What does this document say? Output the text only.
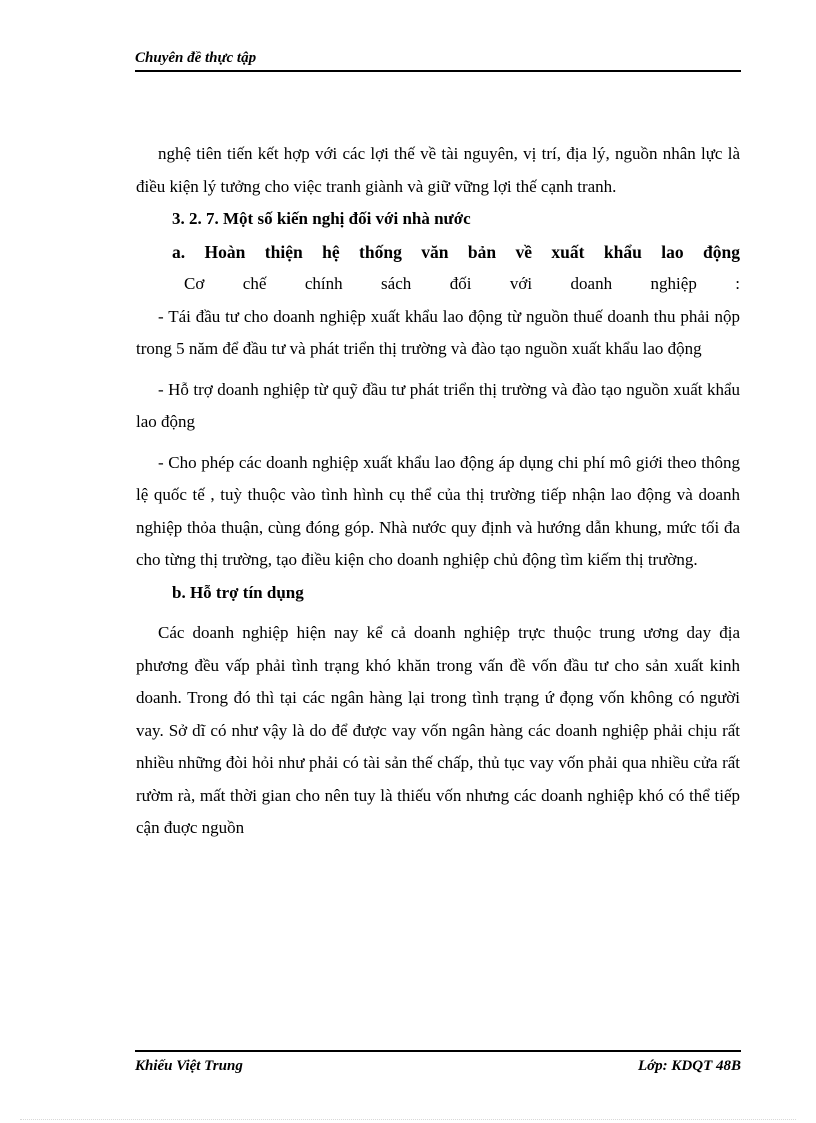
Chuyên đề thực tập

nghệ tiên tiến kết hợp với các lợi thế về tài nguyên, vị trí, địa lý, nguồn nhân lực là điều kiện lý tưởng cho việc tranh giành và giữ vững lợi thế cạnh tranh.

3. 2. 7. Một số kiến nghị đối với nhà nước

a. Hoàn thiện hệ thống văn bản về xuất khẩu lao động

Cơ chế chính sách đối với doanh nghiệp :

- Tái đầu tư cho doanh nghiệp xuất khẩu lao động từ nguồn thuế doanh thu phải nộp trong 5 năm để đầu tư và phát triển thị trường và đào tạo nguồn xuất khẩu lao động

- Hỗ trợ doanh nghiệp từ quỹ đầu tư phát triển thị trường và đào tạo nguồn xuất khẩu lao động

- Cho phép các doanh nghiệp xuất khẩu lao động áp dụng chi phí mô giới theo thông lệ quốc tế , tuỳ thuộc vào tình hình cụ thể của thị trường tiếp nhận lao động và doanh nghiệp thỏa thuận, cùng đóng góp. Nhà nước quy định và hướng dẫn khung, mức tối đa cho từng thị trường, tạo điều kiện cho doanh nghiệp chủ động tìm kiếm thị trường.

b. Hỗ trợ tín dụng

Các doanh nghiệp hiện nay kể cả doanh nghiệp trực thuộc trung ương day địa phương đều vấp phải tình trạng khó khăn trong vấn đề vốn đầu tư cho sản xuất kinh doanh. Trong đó thì tại các ngân hàng lại trong tình trạng ứ đọng vốn không có người vay. Sở dĩ có như vậy là do để được vay vốn ngân hàng các doanh nghiệp phải chịu rất nhiều những đòi hỏi như phải có tài sản thế chấp, thủ tục vay vốn phải qua nhiều cửa rất rườm rà, mất thời gian cho nên tuy là thiếu vốn nhưng các doanh nghiệp khó có thể tiếp cận đuợc nguồn

Khiếu Việt Trung	Lớp: KDQT 48B
